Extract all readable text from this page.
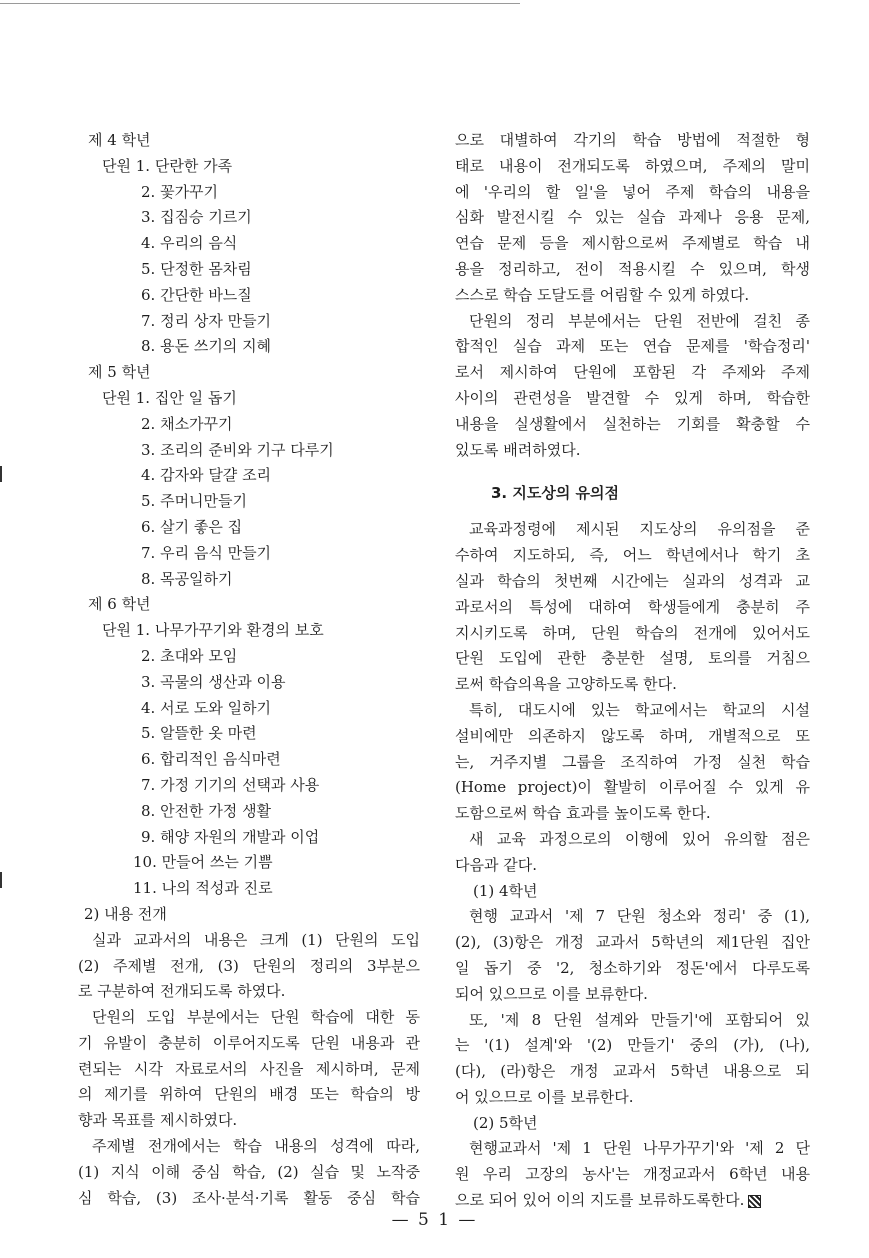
제 4 학년
단원 1. 단란한 가족
2. 꽃가꾸기
3. 집짐승 기르기
4. 우리의 음식
5. 단정한 몸차림
6. 간단한 바느질
7. 정리 상자 만들기
8. 용돈 쓰기의 지혜
제 5 학년
단원 1. 집안 일 돕기
2. 채소가꾸기
3. 조리의 준비와 기구 다루기
4. 감자와 달걀 조리
5. 주머니만들기
6. 살기 좋은 집
7. 우리 음식 만들기
8. 목공일하기
제 6 학년
단원 1. 나무가꾸기와 환경의 보호
2. 초대와 모임
3. 곡물의 생산과 이용
4. 서로 도와 일하기
5. 알뜰한 옷 마련
6. 합리적인 음식마련
7. 가정 기기의 선택과 사용
8. 안전한 가정 생활
9. 해양 자원의 개발과 이업
10. 만들어 쓰는 기쁨
11. 나의 적성과 진로
2) 내용 전개
실과 교과서의 내용은 크게 (1) 단원의 도입
(2) 주제별 전개, (3) 단원의 정리의 3부분으
로 구분하여 전개되도록 하였다.
단원의 도입 부분에서는 단원 학습에 대한 동
기 유발이 충분히 이루어지도록 단원 내용과 관
련되는 시각 자료로서의 사진을 제시하며, 문제
의 제기를 위하여 단원의 배경 또는 학습의 방
향과 목표를 제시하였다.
주제별 전개에서는 학습 내용의 성격에 따라,
(1) 지식 이해 중심 학습, (2) 실습 및 노작중
심 학습, (3) 조사·분석·기록 활동 중심 학습
으로 대별하여 각기의 학습 방법에 적절한 형
태로 내용이 전개되도록 하였으며, 주제의 말미
에 '우리의 할 일'을 넣어 주제 학습의 내용을
심화 발전시킬 수 있는 실습 과제나 응용 문제,
연습 문제 등을 제시함으로써 주제별로 학습 내
용을 정리하고, 전이 적용시킬 수 있으며, 학생
스스로 학습 도달도를 어림할 수 있게 하였다.
단원의 정리 부분에서는 단원 전반에 걸친 종
합적인 실습 과제 또는 연습 문제를 '학습정리'
로서 제시하여 단원에 포함된 각 주제와 주제
사이의 관련성을 발견할 수 있게 하며, 학습한
내용을 실생활에서 실천하는 기회를 확충할 수
있도록 배려하였다.
3. 지도상의 유의점
교육과정령에 제시된 지도상의 유의점을 준
수하여 지도하되, 즉, 어느 학년에서나 학기 초
실과 학습의 첫번째 시간에는 실과의 성격과 교
과로서의 특성에 대하여 학생들에게 충분히 주
지시키도록 하며, 단원 학습의 전개에 있어서도
단원 도입에 관한 충분한 설명, 토의를 거침으
로써 학습의욕을 고양하도록 한다.
특히, 대도시에 있는 학교에서는 학교의 시설
설비에만 의존하지 않도록 하며, 개별적으로 또
는, 거주지별 그룹을 조직하여 가정 실천 학습
(Home project)이 활발히 이루어질 수 있게 유
도함으로써 학습 효과를 높이도록 한다.
새 교육 과정으로의 이행에 있어 유의할 점은
다음과 같다.
(1) 4학년
현행 교과서 '제 7 단원 청소와 정리' 중 (1),
(2), (3)항은 개정 교과서 5학년의 제1단원 집안
일 돕기 중 '2, 청소하기와 정돈'에서 다루도록
되어 있으므로 이를 보류한다.
또, '제 8 단원 설계와 만들기'에 포함되어 있
는 '(1) 설계'와 '(2) 만들기' 중의 (가), (나),
(다), (라)항은 개정 교과서 5학년 내용으로 되
어 있으므로 이를 보류한다.
(2) 5학년
현행교과서 '제 1 단원 나무가꾸기'와 '제 2 단
원 우리 고장의 농사'는 개정교과서 6학년 내용
으로 되어 있어 이의 지도를 보류하도록한다.
— 5 1 —
